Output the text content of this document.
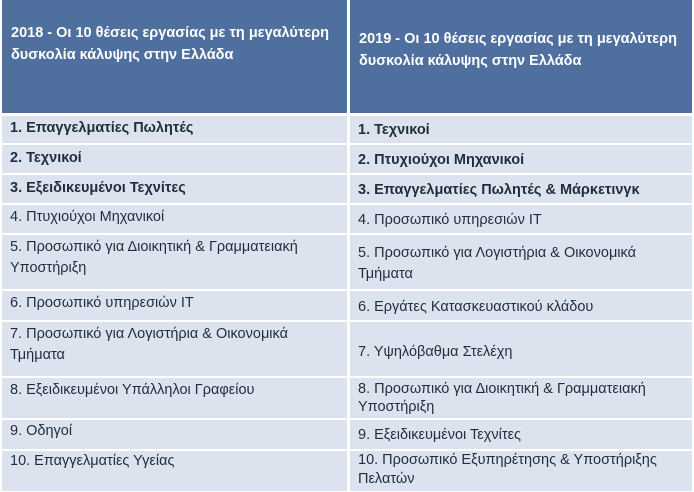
2018 - Οι 10 θέσεις εργασίας με τη μεγαλύτερη δυσκολία κάλυψης στην Ελλάδα
1. Επαγγελματίες Πωλητές
2. Τεχνικοί
3. Εξειδικευμένοι Τεχνίτες
4. Πτυχιούχοι Μηχανικοί
5. Προσωπικό για Διοικητική & Γραμματειακή Υποστήριξη
6. Προσωπικό υπηρεσιών ΙΤ
7. Προσωπικό για Λογιστήρια & Οικονομικά Τμήματα
8. Εξειδικευμένοι Υπάλληλοι Γραφείου
9. Οδηγοί
10. Επαγγελματίες Υγείας
2019 - Οι 10 θέσεις εργασίας με τη μεγαλύτερη δυσκολία κάλυψης στην Ελλάδα
1. Τεχνικοί
2. Πτυχιούχοι Μηχανικοί
3. Επαγγελματίες Πωλητές & Μάρκετινγκ
4. Προσωπικό υπηρεσιών IT
5. Προσωπικό για Λογιστήρια & Οικονομικά Τμήματα
6. Εργάτες Κατασκευαστικού κλάδου
7. Υψηλόβαθμα Στελέχη
8. Προσωπικό για Διοικητική & Γραμματειακή Υποστήριξη
9. Εξειδικευμένοι Τεχνίτες
10. Προσωπικό Εξυπηρέτησης & Υποστήριξης Πελατών
